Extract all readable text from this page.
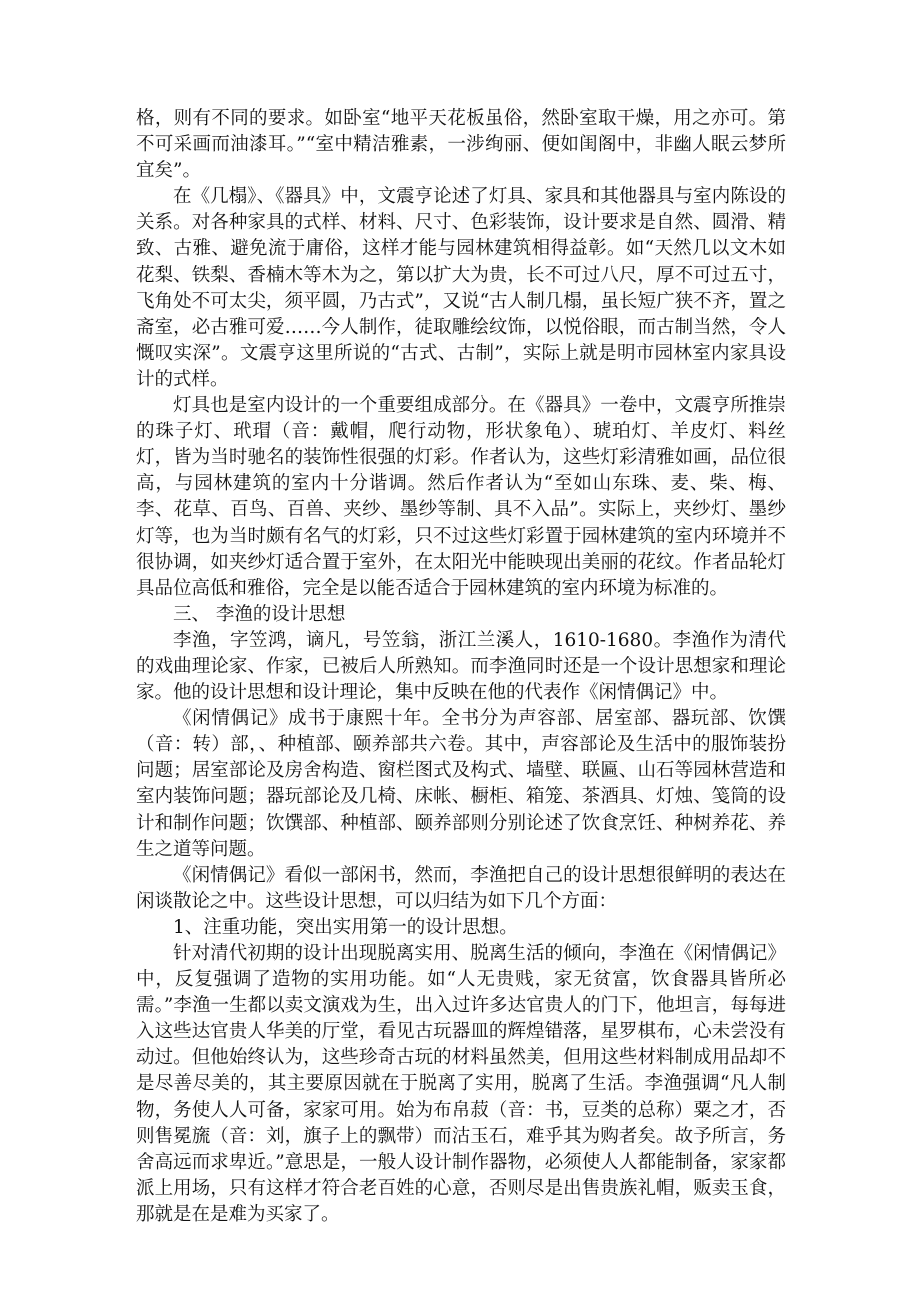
格，则有不同的要求。如卧室“地平天花板虽俗，然卧室取干燥，用之亦可。第不可采画而油漆耳。”“室中精洁雅素，一涉绚丽、便如闺阁中，非幽人眠云梦所宜矣”。

在《几榻》、《器具》中，文震亨论述了灯具、家具和其他器具与室内陈设的关系。对各种家具的式样、材料、尺寸、色彩装饰，设计要求是自然、圆滑、精致、古雅、避免流于庸俗，这样才能与园林建筑相得益彰。如“天然几以文木如花梨、铁梨、香楠木等木为之，第以扩大为贵，长不可过八尺，厚不可过五寸，飞角处不可太尖，须平圆，乃古式”，又说“古人制几榻，虽长短广狭不齐，置之斋室，必古雅可爱……今人制作，徒取雕绘纹饰，以悦俗眼，而古制当然，令人慨叹实深”。文震亨这里所说的“古式、古制”，实际上就是明市园林室内家具设计的式样。

灯具也是室内设计的一个重要组成部分。在《器具》一卷中，文震亨所推崇的珠子灯、玳瑁（音：戴帽，爬行动物，形状象龟）、琥珀灯、羊皮灯、料丝灯，皆为当时驰名的装饰性很强的灯彩。作者认为，这些灯彩清雅如画，品位很高，与园林建筑的室内十分谐调。然后作者认为“至如山东珠、麦、柴、梅、李、花草、百鸟、百兽、夹纱、墨纱等制、具不入品”。实际上，夹纱灯、墨纱灯等，也为当时颇有名气的灯彩，只不过这些灯彩置于园林建筑的室内环境并不很协调，如夹纱灯适合置于室外，在太阳光中能映现出美丽的花纹。作者品轮灯具品位高低和雅俗，完全是以能否适合于园林建筑的室内环境为标准的。

三、 李渔的设计思想

李渔，字笠鸿，谪凡，号笠翁，浙江兰溪人，1610-1680。李渔作为清代的戏曲理论家、作家，已被后人所熟知。而李渔同时还是一个设计思想家和理论家。他的设计思想和设计理论，集中反映在他的代表作《闲情偶记》中。

《闲情偶记》成书于康熙十年。全书分为声容部、居室部、器玩部、饮馔（音：转）部，、种植部、颐养部共六卷。其中，声容部论及生活中的服饰装扮问题；居室部论及房舍构造、窗栏图式及构式、墙壁、联匾、山石等园林营造和室内装饰问题；器玩部论及几椅、床帐、橱柜、箱笼、茶酒具、灯烛、笺筒的设计和制作问题；饮馔部、种植部、颐养部则分别论述了饮食烹饪、种树养花、养生之道等问题。

《闲情偶记》看似一部闲书，然而，李渔把自己的设计思想很鲜明的表达在闲谈散论之中。这些设计思想，可以归结为如下几个方面：

1、注重功能，突出实用第一的设计思想。

针对清代初期的设计出现脱离实用、脱离生活的倾向，李渔在《闲情偶记》中，反复强调了造物的实用功能。如“人无贵贱，家无贫富，饮食器具皆所必需。”李渔一生都以卖文演戏为生，出入过许多达官贵人的门下，他坦言，每每进入这些达官贵人华美的厅堂，看见古玩器皿的辉煌错落，星罗棋布，心未尝没有动过。但他始终认为，这些珍奇古玩的材料虽然美，但用这些材料制成用品却不是尽善尽美的，其主要原因就在于脱离了实用，脱离了生活。李渔强调“凡人制物，务使人人可备，家家可用。始为布帛菽（音：书，豆类的总称）粟之才，否则售冕旒（音：刘，旗子上的飘带）而沽玉石，难乎其为购者矣。故予所言，务舍高远而求卑近。”意思是，一般人设计制作器物，必须使人人都能制备，家家都派上用场，只有这样才符合老百姓的心意，否则尽是出售贵族礼帽，贩卖玉食，那就是在是难为买家了。
